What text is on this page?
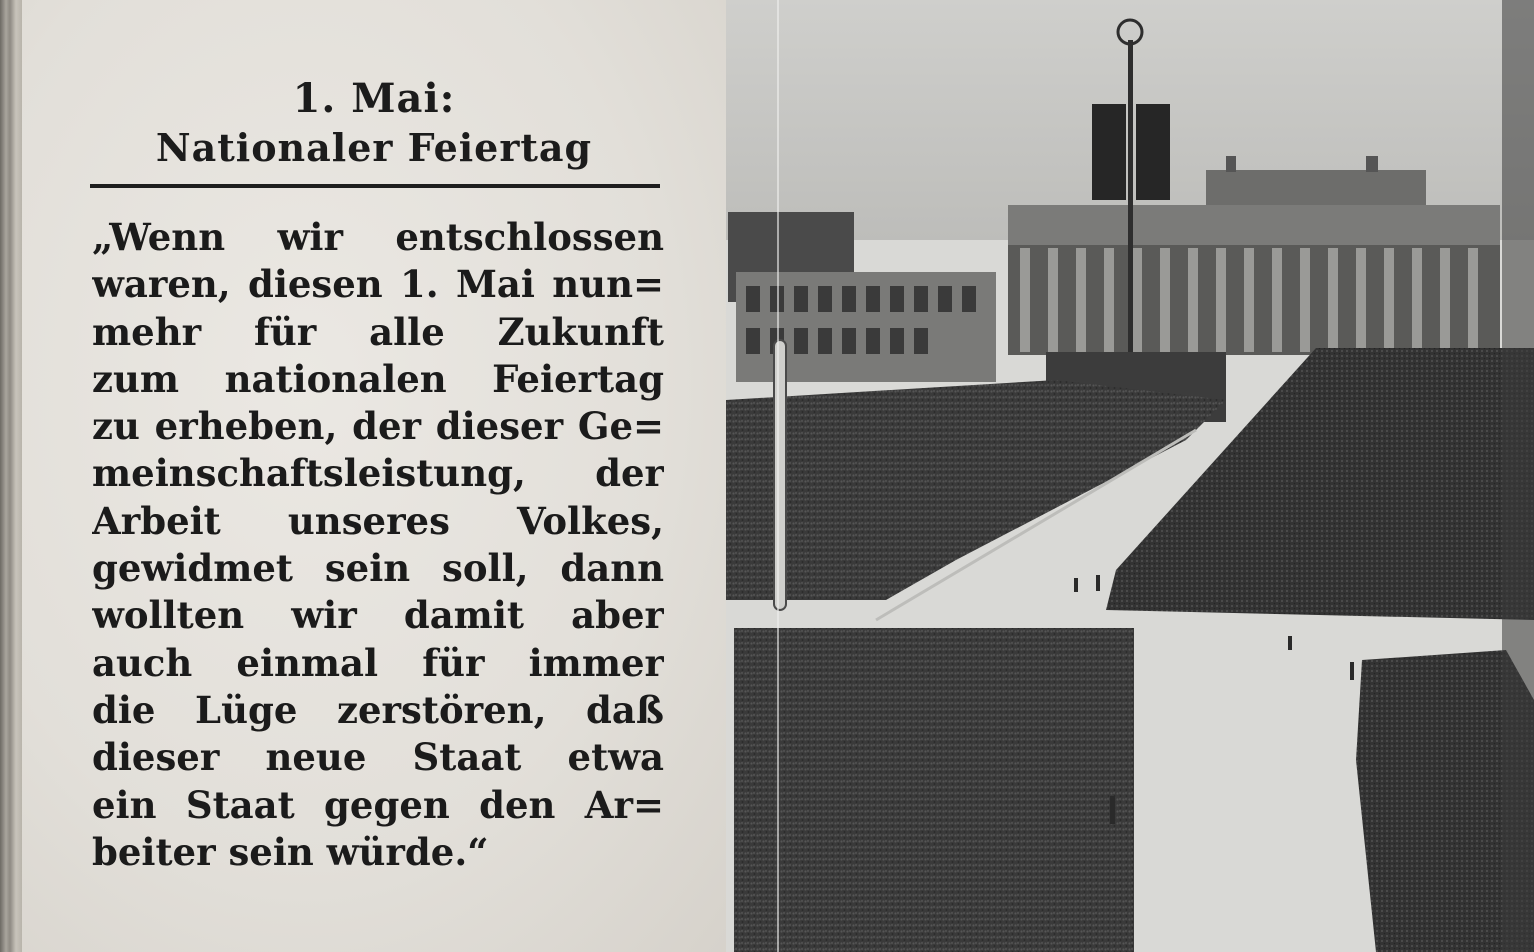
1. Mai:
Nationaler Feiertag
„Wenn wir entschlossen
waren, diesen 1. Mai nun=
mehr für alle Zukunft
zum nationalen Feiertag
zu erheben, der dieser Ge=
meinschaftsleistung, der
Arbeit unseres Volkes,
gewidmet sein soll, dann
wollten wir damit aber
auch einmal für immer
die Lüge zerstören, daß
dieser neue Staat etwa
ein Staat gegen den Ar=
beiter sein würde.“
